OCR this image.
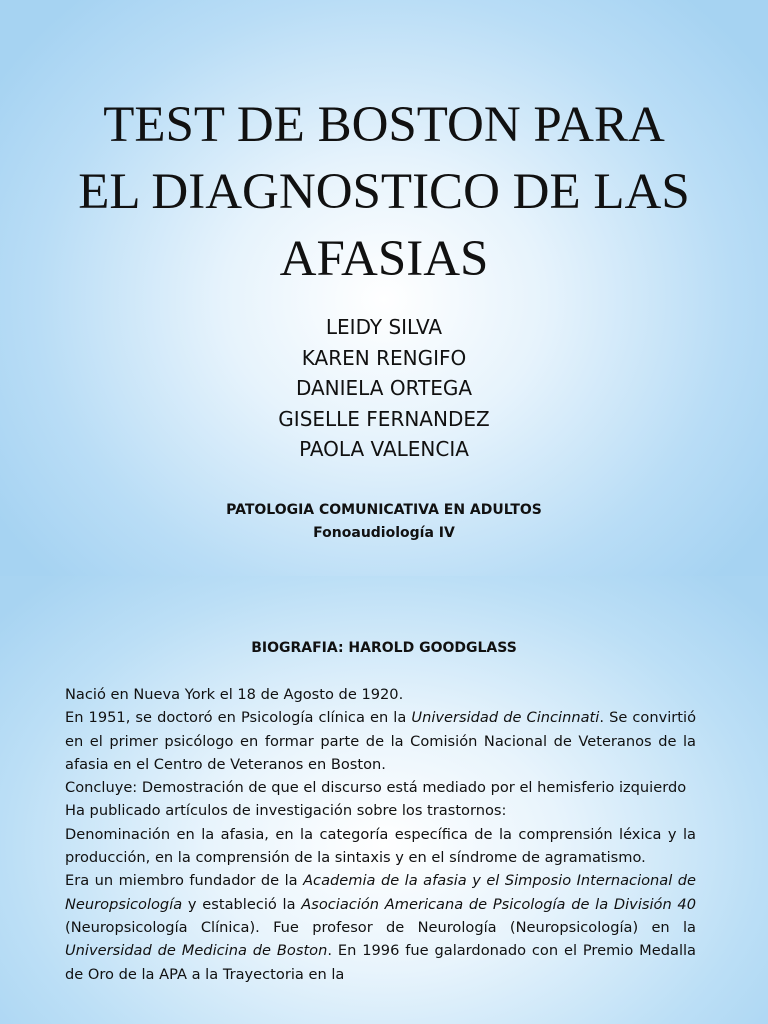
TEST DE BOSTON PARA
EL DIAGNOSTICO DE LAS
AFASIAS
LEIDY SILVA
KAREN RENGIFO
DANIELA ORTEGA
GISELLE FERNANDEZ
PAOLA VALENCIA
PATOLOGIA COMUNICATIVA EN ADULTOS
Fonoaudiología IV
BIOGRAFIA: HAROLD GOODGLASS

Nació en Nueva York el 18 de Agosto de 1920.

En 1951, se doctoró en Psicología clínica en la Universidad de Cincinnati. Se convirtió en el primer psicólogo en formar parte de la Comisión Nacional de Veteranos de la afasia en el Centro de Veteranos en Boston.

Concluye: Demostración de que el discurso está mediado por el hemisferio izquierdo

Ha publicado artículos de investigación sobre los trastornos:

Denominación en la afasia, en la categoría específica de la comprensión léxica y la producción, en la comprensión de la sintaxis y en el síndrome de agramatismo.

Era un miembro fundador de la Academia de la afasia y el Simposio Internacional de Neuropsicología y estableció la Asociación Americana de Psicología de la División 40 (Neuropsicología Clínica). Fue profesor de Neurología (Neuropsicología) en la Universidad de Medicina de Boston. En 1996 fue galardonado con el Premio Medalla de Oro de la APA a la Trayectoria en la
